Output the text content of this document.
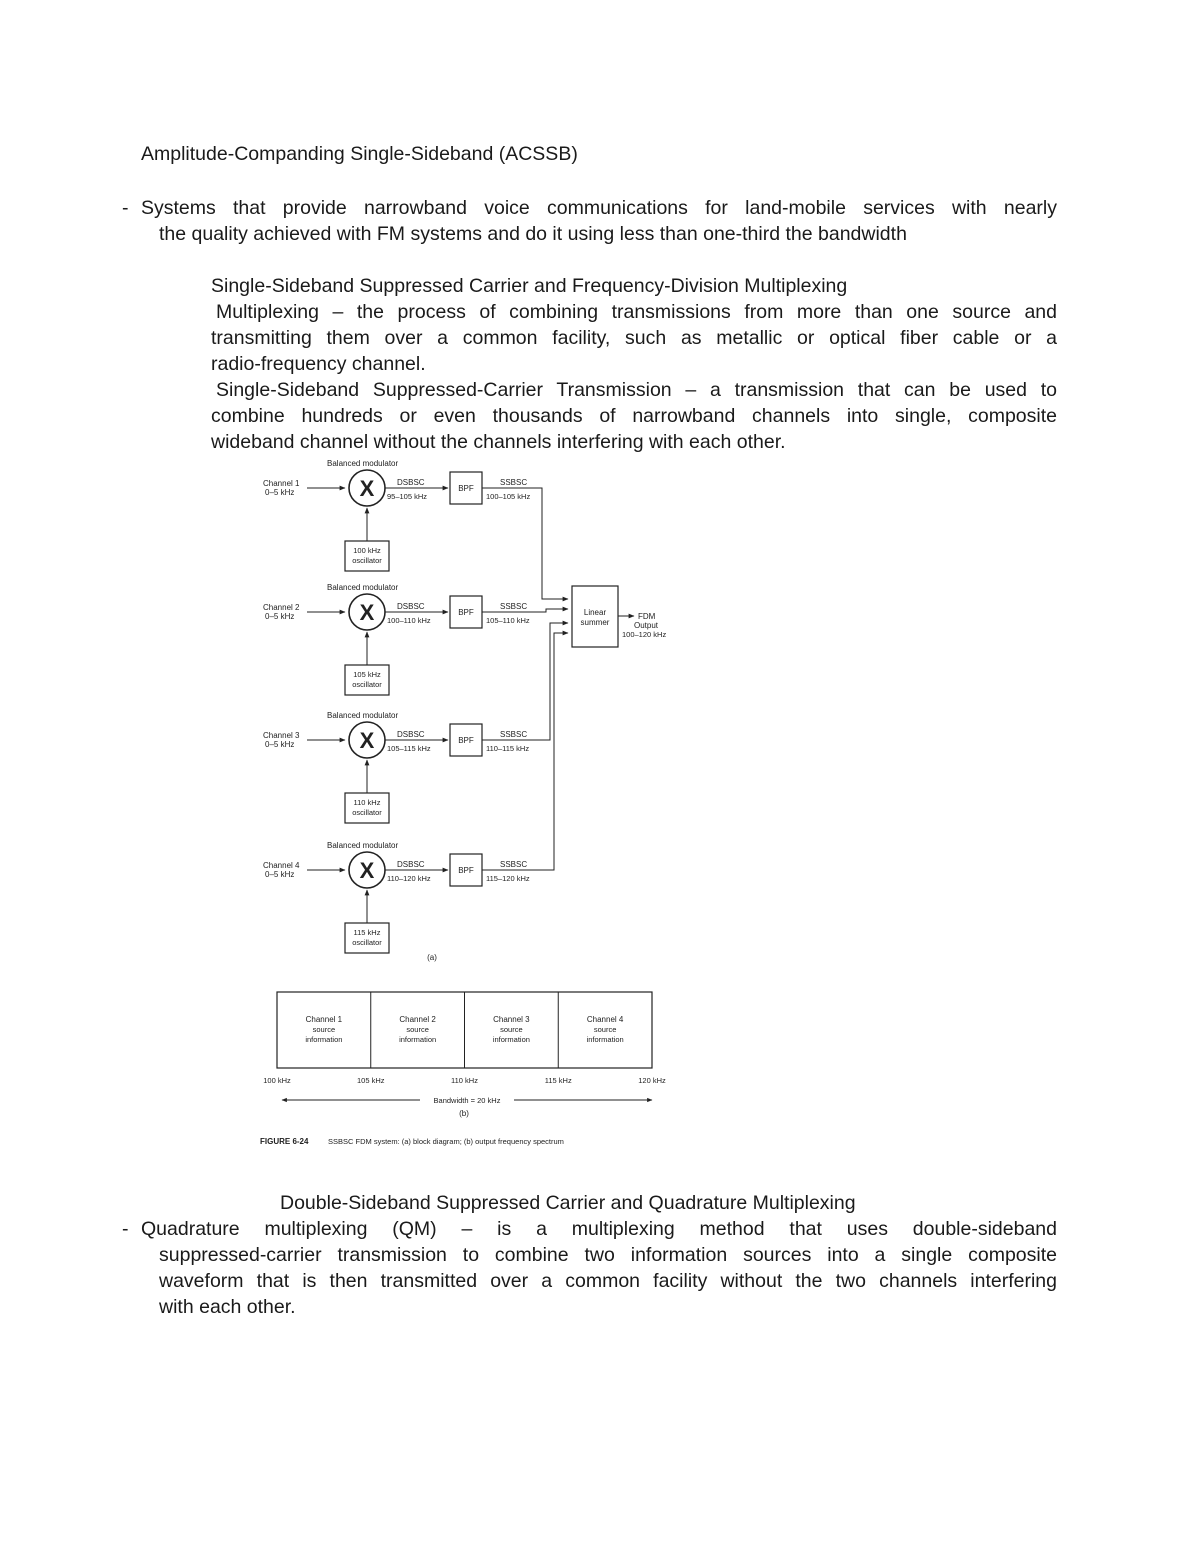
Amplitude-Companding Single-Sideband (ACSSB)
- Systems that provide narrowband voice communications for land-mobile services with nearly
the quality achieved with FM systems and do it using less than one-third the bandwidth
Single-Sideband Suppressed Carrier and Frequency-Division Multiplexing
Multiplexing – the process of combining transmissions from more than one source and
transmitting them over a common facility, such as metallic or optical fiber cable or a
radio-frequency channel.
Single-Sideband Suppressed-Carrier Transmission – a transmission that can be used to
combine hundreds or even thousands of narrowband channels into single, composite
wideband channel without the channels interfering with each other.
Channel 1
0–5 kHz
Balanced modulator
X	DSBSC
95–105 kHz
BPF
SSBSC
100–105 kHz
100 kHz
oscillator
Channel 2
0–5 kHz
Balanced modulator
X	DSBSC
100–110 kHz
BPF
SSBSC
105–110 kHz
105 kHz
oscillator
Channel 3
0–5 kHz
Balanced modulator
X	DSBSC
105–115 kHz
BPF
SSBSC
110–115 kHz
110 kHz
oscillator
Channel 4
0–5 kHz
Balanced modulator
X	DSBSC
110–120 kHz
BPF
SSBSC
115–120 kHz
115 kHz
oscillator
Linear
summer
FDM
Output
100–120 kHz
(a)
Channel 1
source
information
Channel 2
source
information
Channel 3
source
information
Channel 4
source
information
100 kHz	105 kHz	110 kHz	115 kHz	120 kHz
Bandwidth = 20 kHz
(b)
FIGURE 6-24	SSBSC FDM system: (a) block diagram; (b) output frequency spectrum
Double-Sideband Suppressed Carrier and Quadrature Multiplexing
- Quadrature multiplexing (QM) – is a multiplexing method that uses double-sideband
suppressed-carrier transmission to combine two information sources into a single composite
waveform that is then transmitted over a common facility without the two channels interfering
with each other.
